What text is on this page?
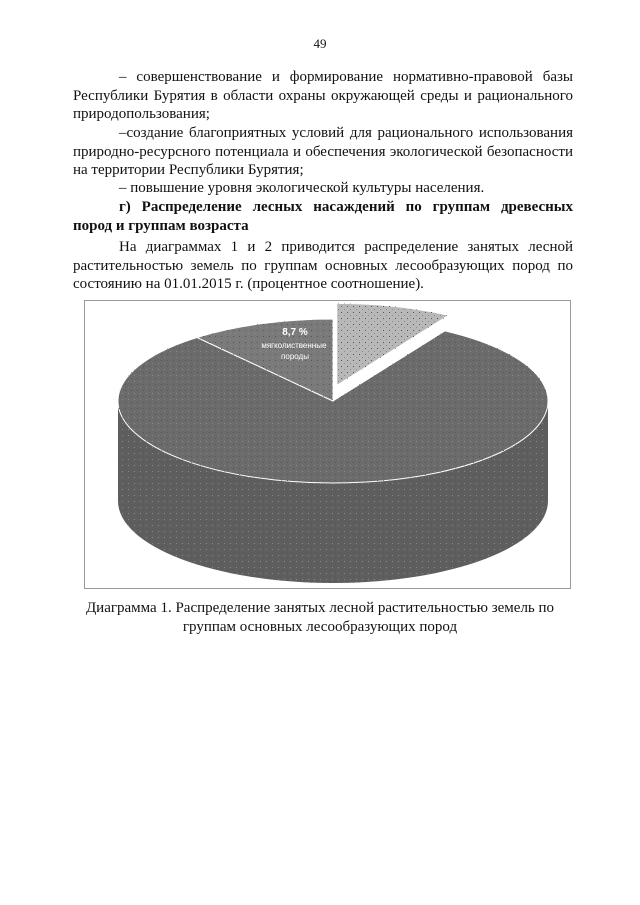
49
– совершенствование и формирование нормативно-правовой базы Республики Бурятия в области охраны окружающей среды и рационального природопользования;
–создание благоприятных условий для рационального использования природно-ресурсного потенциала и обеспечения экологической безопасности на территории Республики Бурятия;
– повышение уровня экологической культуры населения.
г) Распределение лесных насаждений по группам древесных пород и группам возраста
На диаграммах 1 и 2 приводится распределение занятых лесной растительностью земель по группам основных лесообразующих пород по состоянию на 01.01.2015 г. (процентное соотношение).
8,7 %
мягколиственные породы
Диаграмма 1. Распределение занятых лесной растительностью земель по группам основных лесообразующих пород
